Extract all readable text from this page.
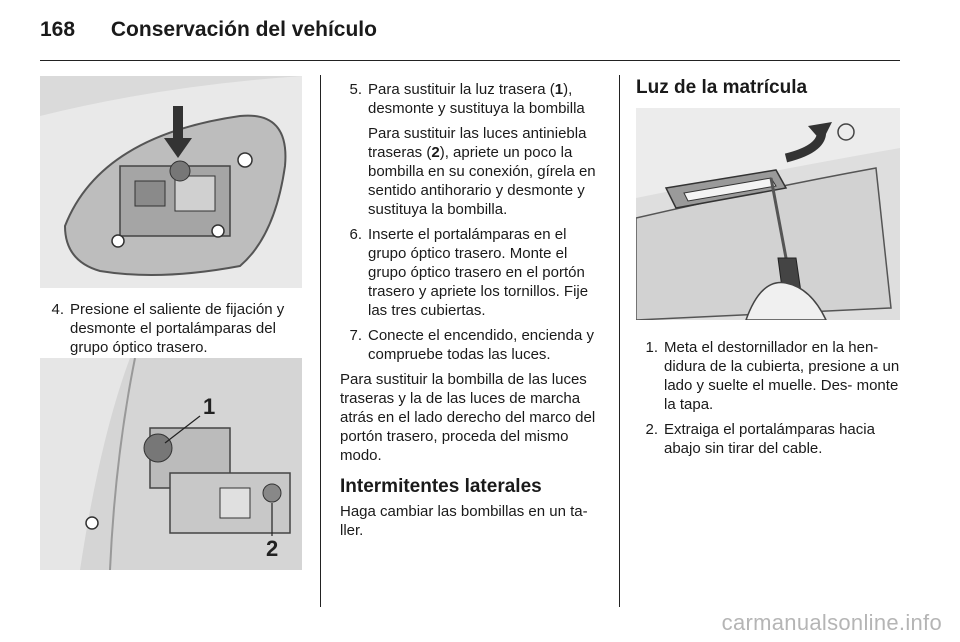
168 Conservación del vehículo
4. Presione el saliente de fijación y desmonte el portalámparas del grupo óptico trasero.
1
2
5. Para sustituir la luz trasera (1), desmonte y sustituya la bombilla

Para sustituir las luces antiniebla traseras (2), apriete un poco la bombilla en su conexión, gírela en sentido antihorario y desmonte y sustituya la bombilla.

6. Inserte el portalámparas en el grupo óptico trasero. Monte el grupo óptico trasero en el portón trasero y apriete los tornillos. Fije las tres cubiertas.
7. Conecte el encendido, encienda y compruebe todas las luces.

Para sustituir la bombilla de las luces traseras y la de las luces de marcha atrás en el lado derecho del marco del portón trasero, proceda del mismo modo.

Intermitentes laterales

Haga cambiar las bombillas en un ta- ller.

Luz de la matrícula
1. Meta el destornillador en la hen- didura de la cubierta, presione a un lado y suelte el muelle. Des- monte la tapa.
2. Extraiga el portalámparas hacia abajo sin tirar del cable.
carmanualsonline.info
